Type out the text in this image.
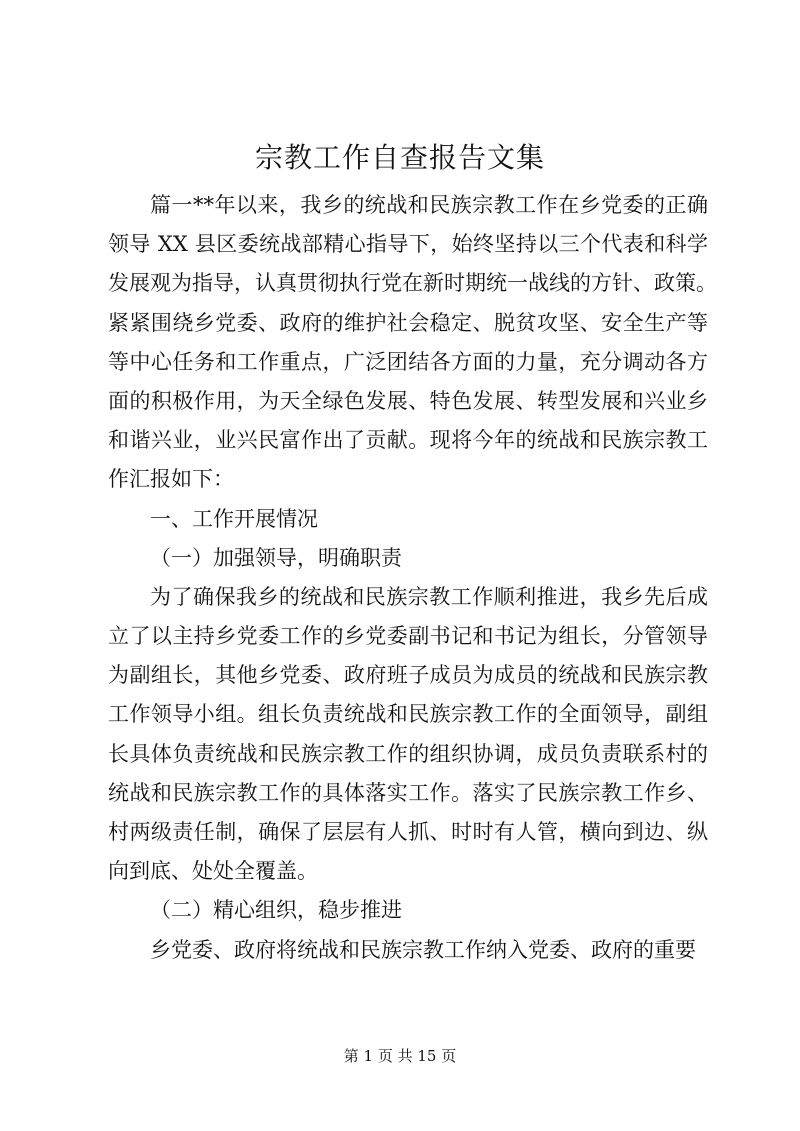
宗教工作自查报告文集
篇一**年以来，我乡的统战和民族宗教工作在乡党委的正确
领导 XX 县区委统战部精心指导下，始终坚持以三个代表和科学
发展观为指导，认真贯彻执行党在新时期统一战线的方针、政策。
紧紧围绕乡党委、政府的维护社会稳定、脱贫攻坚、安全生产等
等中心任务和工作重点，广泛团结各方面的力量，充分调动各方
面的积极作用，为天全绿色发展、特色发展、转型发展和兴业乡
和谐兴业，业兴民富作出了贡献。现将今年的统战和民族宗教工
作汇报如下：
一、工作开展情况
（一）加强领导，明确职责
为了确保我乡的统战和民族宗教工作顺利推进，我乡先后成
立了以主持乡党委工作的乡党委副书记和书记为组长，分管领导
为副组长，其他乡党委、政府班子成员为成员的统战和民族宗教
工作领导小组。组长负责统战和民族宗教工作的全面领导，副组
长具体负责统战和民族宗教工作的组织协调，成员负责联系村的
统战和民族宗教工作的具体落实工作。落实了民族宗教工作乡、
村两级责任制，确保了层层有人抓、时时有人管，横向到边、纵
向到底、处处全覆盖。
（二）精心组织，稳步推进
乡党委、政府将统战和民族宗教工作纳入党委、政府的重要
第 1 页 共 15 页
